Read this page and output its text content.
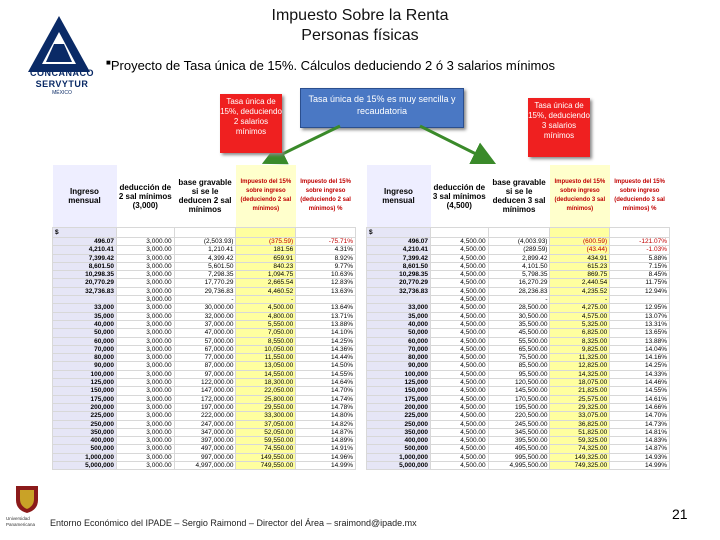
Impuesto Sobre la Renta
Personas físicas
CONCANACO
SERVYTUR
MÉXICO
■Proyecto de Tasa única de 15%. Cálculos deduciendo 2 ó 3 salarios mínimos
Tasa única de 15% es muy sencilla y recaudatoria
Tasa única de 15%, deduciendo 2 salarios mínimos
Tasa única de 15%, deduciendo 3 salarios mínimos
Ingreso mensual	deducción de 2 sal mínimos (3,000)	base gravable si se le deducen 2 sal mínimos	Impuesto del 15% sobre ingreso (deduciendo 2 sal mínimos)	Impuesto del 15% sobre ingreso (deduciendo 2 sal mínimos) %
$				
496.07	3,000.00	(2,503.93)	(375.59)	-75.71%
4,210.41	3,000.00	1,210.41	181.56	4.31%
7,399.42	3,000.00	4,399.42	659.91	8.92%
8,601.50	3,000.00	5,601.50	840.23	9.77%
10,298.35	3,000.00	7,298.35	1,094.75	10.63%
20,770.29	3,000.00	17,770.29	2,665.54	12.83%
32,736.83	3,000.00	29,736.83	4,460.52	13.63%
	3,000.00	-	-	
33,000	3,000.00	30,000.00	4,500.00	13.64%
35,000	3,000.00	32,000.00	4,800.00	13.71%
40,000	3,000.00	37,000.00	5,550.00	13.88%
50,000	3,000.00	47,000.00	7,050.00	14.10%
60,000	3,000.00	57,000.00	8,550.00	14.25%
70,000	3,000.00	67,000.00	10,050.00	14.36%
80,000	3,000.00	77,000.00	11,550.00	14.44%
90,000	3,000.00	87,000.00	13,050.00	14.50%
100,000	3,000.00	97,000.00	14,550.00	14.55%
125,000	3,000.00	122,000.00	18,300.00	14.64%
150,000	3,000.00	147,000.00	22,050.00	14.70%
175,000	3,000.00	172,000.00	25,800.00	14.74%
200,000	3,000.00	197,000.00	29,550.00	14.78%
225,000	3,000.00	222,000.00	33,300.00	14.80%
250,000	3,000.00	247,000.00	37,050.00	14.82%
350,000	3,000.00	347,000.00	52,050.00	14.87%
400,000	3,000.00	397,000.00	59,550.00	14.89%
500,000	3,000.00	497,000.00	74,550.00	14.91%
1,000,000	3,000.00	997,000.00	149,550.00	14.96%
5,000,000	3,000.00	4,997,000.00	749,550.00	14.99%
Ingreso mensual	deducción de 3 sal mínimos (4,500)	base gravable si se le deducen 3 sal mínimos	Impuesto del 15% sobre ingreso (deduciendo 3 sal mínimos)	Impuesto del 15% sobre ingreso (deduciendo 3 sal mínimos) %
$				
496.07	4,500.00	(4,003.93)	(600.59)	-121.07%
4,210.41	4,500.00	(289.59)	(43.44)	-1.03%
7,399.42	4,500.00	2,899.42	434.91	5.88%
8,601.50	4,500.00	4,101.50	615.23	7.15%
10,298.35	4,500.00	5,798.35	869.75	8.45%
20,770.29	4,500.00	16,270.29	2,440.54	11.75%
32,736.83	4,500.00	28,236.83	4,235.52	12.94%
	4,500.00	-	-	
33,000	4,500.00	28,500.00	4,275.00	12.95%
35,000	4,500.00	30,500.00	4,575.00	13.07%
40,000	4,500.00	35,500.00	5,325.00	13.31%
50,000	4,500.00	45,500.00	6,825.00	13.65%
60,000	4,500.00	55,500.00	8,325.00	13.88%
70,000	4,500.00	65,500.00	9,825.00	14.04%
80,000	4,500.00	75,500.00	11,325.00	14.16%
90,000	4,500.00	85,500.00	12,825.00	14.25%
100,000	4,500.00	95,500.00	14,325.00	14.33%
125,000	4,500.00	120,500.00	18,075.00	14.46%
150,000	4,500.00	145,500.00	21,825.00	14.55%
175,000	4,500.00	170,500.00	25,575.00	14.61%
200,000	4,500.00	195,500.00	29,325.00	14.66%
225,000	4,500.00	220,500.00	33,075.00	14.70%
250,000	4,500.00	245,500.00	36,825.00	14.73%
350,000	4,500.00	345,500.00	51,825.00	14.81%
400,000	4,500.00	395,500.00	59,325.00	14.83%
500,000	4,500.00	495,500.00	74,325.00	14.87%
1,000,000	4,500.00	995,500.00	149,325.00	14.93%
5,000,000	4,500.00	4,995,500.00	749,325.00	14.99%
Universidad
Panamericana Entorno Económico del IPADE – Sergio Raimond – Director del Área – sraimond@ipade.mx
21
